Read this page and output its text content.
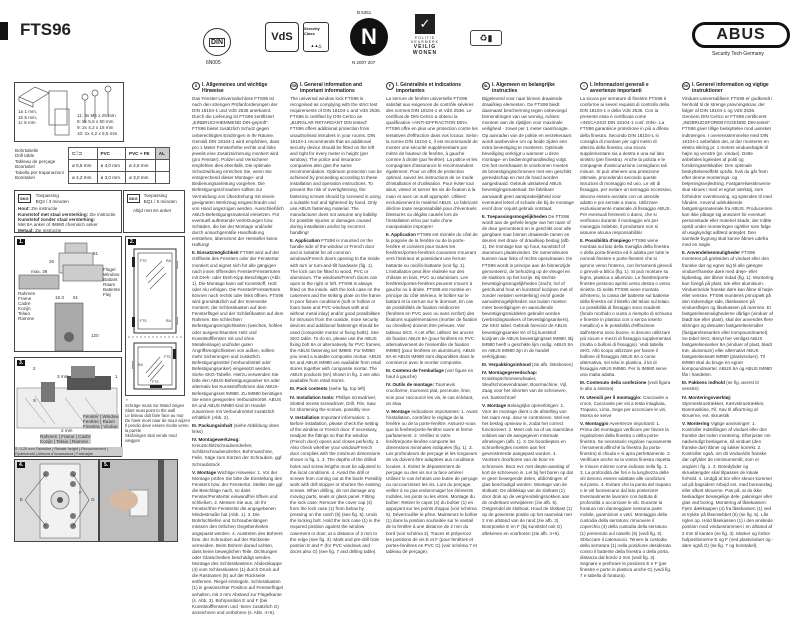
FTS96
DIN
6N005
VdS
Security Class
▲▲△
B 5351
N
N 2007 207
✓
POLITIE KEURMERK
VEILIG WONEN
♻▮	ABUS
Security Tech Germany
1a 1 mm,
1b 5 mm,
1c 8 mm
11: 3x M6 x 25 mm
8: 8x 5,5 x 60 mm
9: 2x 4,2 x 16 mm
10: 2x 4,2 x 9,5 mm
Bohrtabelle
Drill table
Tableau de perçage
Boortabel
Tabella per trapanazioni
Boretabel
⊏⫶⫶⊐	PVC	PVC + FE	AL
ø 5,5 mm	ø 4,0 mm	ø 4,5 mm	
ø 4,2 mm	ø 3,0 mm	ø 3,0 mm	
SKG
Toepassing
BQ2 / 3 minuten
Hout: Zie instructie
Kunststof met staal versterking: Zie instructie
Kunststof zonder staal versterking:
Met 8A anker of IM980 chemisch anker
Metaal: Zie instructie
SKG
Toepassing
BQ1 / 5 minuten
Altijd met 8A anker
1.
26
max. 39
51
18.3 51
120
Rahmen
Frame
Cadre
Kozijn
Telaio
Ramme
Flügel
Window
Battant
Raam
Battente
Fløj
2.
FTS	RA
FTS	RA
FTS
RA
FTS
3.
2
1
3 mm
S
2 mm
Fenster | Window
Fenêtre | Raam
Finestra | Vindue
Rahmen | Frame | Cadre
Kozijn | Telaio | Ramme
S: 0-29 mm Falzhöhe | Rebate height | Recouvrement | Opdekmaat | Altezza d'incassatura | Falshøjde
*
Schräge muss zur Wand zeigen
Slant must point to the wall
Le biseau doit faire face au mur
De hoek moet naar de muur wijzen
Il pendio deve essere rivolto verso la parete
Skråningen skal vende mod væggen
4.
E
F
G
5.
D I. Allgemeines und wichtige Hinweise

Das Fenster-Universalschloss FTS96 ist nach den strengen Prüfanforderungen der DIN 18104-1 und VdS 2536 anerkannt. Durch die Lieferung ist FTS96 zertifiziert „EINBRUCHHEMMEND DIN-geprüft“. FTS96 bietet zusätzlich Schutz gegen unberechtigtes Eindringen in Ihr Räume. Gemäß DIN 18104-1 wird empfohlen, dass pro 1 Meter Fensterhöhe rechts und links jeweils eine Zusatzsicherung montiert wird (pro Fenster). Polizei und Versicherer empfehlen dies ebenfalls. Die optimale Schutzwirkung erreichen Sie, wenn Sie entsprechend dieser Montage- und Bedienungsanleitung vorgehen. Die Befestigungsschrauben sollten zur Vermeidung von Überdrehung mit einem geeigneten Werkzeug eingeschraubt und von Hand angezogen werden. Ausschließlich ABUS-Befestigungsmaterial einsetzen. Für eventuell auftretende Verletzungen bzw. Schäden, die bei der Montage und/oder durch unsachgemäße Handhabung entstehen, übernimmt der Hersteller keine Haftung!

II. Einsatzmöglichkeit FTS96 wird auf der Griffseite des Fensters oder der Fenstertür montiert und eignet sich für alle gängigen nach innen öffnenden Fenster/Fenstertüren mit Dreh- oder Dreh-Kipp-Beschlägen (Abb. 1). Die Montage kann auf Kunststoff, Holz oder Alu erfolgen. Die Fenster/Fenstertüren können nach rechts oder links öffnen. FTS96 wird grundsätzlich auf der Innenseite montiert, der Schlosskasten auf dem Fensterflügel und der Schließkasten auf dem Rahmen. Bei schlechten Befestigungsmöglichkeiten (weiches, hohles oder ausgeschäumtes Holz und Kunststofffenster mit und ohne Metalleinlage) und/oder guten Angriffsmöglichkeiten von außen, sollten mehr Sicherungen und zusätzlich Befestigungsmittel (Verbundmittel oder Befestigungsanker) eingesetzt werden. Siehe SKG-Tabelle. Hierzu verwenden Sie bitte den ABUS-Befestigungsanker 8A oder alternativ bei Kunststoffrahmen das ABUS-Befestigungsset IM980. Zu IM980 benötigen Sie einen geeigneten Verbundmörtel. ABUS 8A und ABUS IM980 sind im Handel zusammen mit Verbundmörtel zusätzlich erhältlich (Abb. 2).

III. Packungsinhalt (siehe Abbildung oben links)

IV. Montagewerkzeug: Kreuzschlitzschraubendreher, Schlitzschraubendreher, Bohrmaschine, Feile, Säge zum Kürzen der Schrauben, ggf. Schraubstock

V. Montage Wichtige Hinweise: 1. Vor der Montage prüfen Sie bitte die Einstellung des Fensters bzw. der Fenstertür. Stellen Sie ggf. die Beschläge nach, so dass Fenster/Fenstertür einwandfrei öffnen und schließen. 2. Messen Sie aus, ob Ihr Fenster/Ihre Fenstertür die angegebenen Mindestmaße hat (Abb. 1). 3. Die Bohrlochtiefen und Schraubenlängen müssen den örtlichen Gegebenheiten angepasst werden. 4. Austreten des Bohrers bzw. der Schrauben auf der Rückseite vermeiden. Beim Bohren darauf achten, dass keine beweglichen Teile, Dichtungen oder Glasscheiben beschädigt werden. Montage des Schlosskastens: Abdeckkappe (4) vom Schlosskasten (1) durch Druck auf die Rastnasen (5) auf der Rückseite entfernen. Riegel entriegeln. Schlosskasten (1) in gewünschter Position auf Fensterflügel anhalten, mit 2 mm Abstand zur Flügelkante (s. Abb. 3). Bohrposition E und F (bei Kunststofffenstern und -türen zusätzlich G) anzeichnen und vorbohren (s. Abb. 4+5).

GB I. General information and important informations

The universal window lock FTS96 is recognised as complying with the strict test requirements of DIN 18104-1 and VdS 2536. FTS96 is certified by DIN Certco as „BURGLAR RETARDANT DIN tested“. FTS96 offers additional protection from unauthorised intruders in your rooms. DIN 18104-1 recommends that an additional security device should be fitted on the left and right for every meter in height (per window). The police and insurance companies also give the same recommendation. Optimum protection can be achieved by proceeding according to these installation and operation instructions. To prevent the risk of overtightening, the fastening screws should by screwed in using a suitable tool and tightened by hand. Only use ABUS fastening material. The manufacturer does not assume any liability for possible injuries or damages caused during installation and/or by incorrect handling!

II. Application FTS96 is mounted on the handle side of the window or French door and is suitable for all common windows/French doors opening to the inside with turn or turn-and-tilt hardware (fig. 1). The lock can be fitted to wood, PVC or aluminium. The windows/French doors can open to the right or left. FTS96 is always fitted on the inside, with the lock case on the casement and the striking plate on the frame. In poor fixture conditions (soft or hollow or foam base and PVC windows with and without metal inlay) and/or good possibilities for intrusion from the outside, more security devices and additional fastenings should be used (composite mortar or fixing bolts). See SKG table. To do so, please use the ABUS fixing bolt 8A or alternatively for PVC frames, the ABUS fastening set IM980. For IM980 you need a suitable composite mortar. ABUS 8A and ABUS IM980 are available from retail stores together with composite mortar. The ABUS products (8A) shown in fig. 2 are also available from retail stores.

III. Pack contents (siehe fig. top left)

IV. Installation tools: Phillips screwdriver, Slotted recess screwdriver, Drill, File, Saw for shortening the screws, possibly vice

V. Installation Important information: 1. Before installation, please check the setting of the window or French door. If necessary, readjust the fittings so that the window (French door) opens and closes perfectly. 2. Also check whether your window/French door complies with the minimum dimensions shown in fig. 1. 3. The depths of the drilled holes and screw lengths must be adjusted to the local conditions. 4. Avoid the drill or screws from coming out at the back! Possibly work with drill stopper or shorten the existing screws. When drilling, do not damage any moving parts, seals or glass panel. Fitting the lock case: Remove the cover cap (4) from the lock case (1) from below by pressing on the catch (5) (see fig. 5). Undo the locking bolt. Hold the lock case (1) in the required position against the window casement or door, at a distance of 2 mm to the edge (see fig. 3). Mark and pre-drill hole position E and F (for PVC windows and doors also G) (see fig. 7 and drilling table).

F I. Généralités et indications importantes

La serrure de fenêtre universelle FTS96 satisfait aux exigences de contrôle sévères des normes DIN 18104-1 et VdS 2536. Le certificat de DIN Certco a obtenu la qualification «ANTI-EFFRACTION DIN». FTS96 offre en plus une protection contre les tentatives d'effraction dans vos locaux. Selon la norme DIN 18104-1, il est recommandé de monter une sécurité supplémentaire par mètre de hauteur de fenêtre, à gauche comme à droite (par fenêtre). La police et les compagnies d'assurance le recommandent également. Pour un effet de protection optimal, suivez les instructions de ce mode d'installation et d'utilisation. Pour éviter tout abus, vissez et serrez les vis de fixation à la main et avec un outil approprié. Utilisez exclusivement le matériel ABUS. Le fabricant décline toute responsabilité pour d'éventuels blessures ou dégâts causés lors de l'installation et/ou par suite d'une manipulation impropre!

II. Application FTS96 est montée du côté de la poignée de la fenêtre ou de la porte-fenêtre et convient pour toutes les fenêtres/portes-fenêtres courantes s'ouvrant vers l'intérieur et possédant une ferrure battante ou oscillo-battante (voir fig. 1). L'installation peut être réalisée sur des châssis en bois, PVC ou aluminium. Les fenêtres/portes-fenêtres peuvent s'ouvrir à gauche ou à droite. FTS96 est montée en principe du côté intérieur, le boîtier sur le battant et la serrure sur le dormant. En cas de possibilités de fixation médiocres (fenêtres en PVC avec ou sans renfort) des fixations supplémentaires (mortier de fixation ou chevilles) doivent être prévues. Voir tableau SKG. A cet effet, utilisez les ancres de fixation ABUS 8A (pour fenêtres en PVC alternativement de l'ensemble de fixation IM980) (pour fenêtres en aluminium). ABUS 8A et ABUS IM980 sont disponibles dans le commerce avec le mortier composite.

III. Contenu de l'emballage (voir figure en haut à gauche)

IV. Outils de montage: Tournevis cruciforme, tournevis plat, perceuse, lime, scie pour raccourcir les vis, le cas échéant, un étau

V. Montage Indications importantes: 1. Avant l'installation, contrôlez le réglage de la fenêtre ou de la porte-fenêtre. Assurez-vous que la fenêtre/porte-fenêtre ouvre et ferme parfaitement. 2. Vérifiez si votre fenêtre/porte-fenêtre comporte les dimensions minimales indiquées (fig. 1). 3. Les profondeurs de perçage et les longueurs de vis doivent être adaptées aux conditions locales. 4. Évitez le dépassement de perçage ou des vis sur la face arrière! Utilisez le cas échéant une butée de perçage ou raccourcissez les vis. Lors du perçage, veillez à ne pas endommager les éléments mobiles, les joints ou les vitres. Montage du boîtier: Retirer le capot (4) du boîtier (1) en appuyant sur les points d'appui (voir schéma 5). Déverrouiller le pêne. Maintenez le boîtier (1) dans la position souhaitée sur le vantail de la fenêtre à une distance de 2 mm du bord (voir schéma 3). Tracez et prépercez les positions de vis E et F (pour fenêtres et portes-fenêtres en PVC G) (voir schéma 7 et tableau de perçage).

NL I. Algemeen en belangrijke instructies

Bijgeleverd voor naar binnen draaiende draai/kiep elementen. De FTS96 biedt daarnaast bescherming tegen onbevoegd binnendringen van uw woning. Advies: monteer aan de zijstijlen voor maximale veiligheid - zowel per 1 meter raamhoogte. Op aanraden van de politie en verzekeraars wordt aanbevolen om op beide zijden een extra bevestiging te monteren. Optimale beveiliging verkrijgt u wanneer u deze montage- en bedieningshandleiding volgt. Om het overdraaien te voorkomen moeten de bevestigingsschroeven met een geschikt gereedschap en met de hand worden aangedraaid. Gebruik uitsluitend ABUS bevestigingsmateriaal. De fabrikant aanvaardt geen aansprakelijkheid voor eventueel letsel of schade die bij de montage en/of door onjuist gebruik ontstaat.

II. Toepassingsmogelijkheden De FTS96 wordt aan de gehele lengte van het raam of de deur gemonteerd en is geschikt voor alle gangbare naar binnen draaiende ramen en deuren met draai- of draai/kiep beslag (afb. 1). De montage kan op hout, kunststof of aluminium plaatsvinden. De ramen/deuren kunnen naar links of rechts opendraaien. De FTS96 wordt in principe aan de binnenzijde gemonteerd, de behuizing op de vleugel en de sluitkom op het kozijn. Bij slechte bevestigingsmogelijkheden (zacht, hol of geschuimd hout en kunststof kozijnen met of zonder metalen versterking) en/of goede aanvalsmogelijkheden van buiten moeten meer beveiligingen en aanvullende bevestigingsmiddelen gebruikt worden (verbindingsankers of bevestigingsankers). Zie SKG tabel. Gebruik hiervoor de ABUS bevestigingsanker 8A of bij kunststof kozijnen de ABUS bevestigingsset IM980. Bij IM980 heeft u geschikte lijm nodig. ABUS 8A en ABUS IM980 zijn in de handel verkrijgbaar.

III. Verpakkingsinhoud (zie afb. linksboven)

IV. Montagegereedschap: Kruiskopschroevendraaier, Sleufschroevendraaier, Boormachine, Vijl, Zaag voor het inkorten van de schroeven, evt. bankschroef

V. Montage Belangrijke opmerkingen: 1. Voor de montage dient u de afstelling van het raam resp. deur te controleren. Stel evt. het beslag opnieuw in, zodat het correct functioneert. 2. Meet ook na of uw raam/deur voldoet aan de aangegeven minimale afmetingen (afb. 1). 3. De boordieptes en schroeflengtes moeten aan het gevenstreerde aangepast worden. 4. Voorkom doorboren van de boor en schroeven. Boor evt. met diepte-aanslag of kort de schroeven in. Let bij het boren op dat er geen bewegende delen, afdichtingen of glas beschadigd worden. Montage van de slotkast: De afdekkap van de slotkast (1) door druk op de vergrendelingsnokken aan de onderkant verwijderen (zie afb. 5). Ontgrendel de slotbout. Houd de slotkast (1) op de gewenste positie op het raamvlak met 2 mm afstand van de rand (zie afb. 3). Boorpositie E en F (bij kunststof ook G) aftekenen en voorboren (zie afb. 4+5).

I	I. Informazioni generali e avvertenze importanti

La sicura per serrature di finestre FTS96 è conforme ai severi requisiti di controllo della DIN 18104-1 e della VdS 2536. Con la presente essa è certificata come «INSCASSO DIN 18104-1 conf. DIN». La FTS96 garantisce protezione in più a difesa della finestra. Secondo DIN 18104-1 si consiglia di montare per ogni metro di altezza della finestra, una sicura supplementare sia a destra e una sul lato sinistro (per finestra). Anche la polizia e le compagnie d'assicurazione consigliano tali misure. Si può ottenere una protezione ottimale, procedendo secondo queste istruzioni di montaggio ed uso. Le viti di fissaggio, per evitare un serraggio eccessivo, devono essere avvitate con un utensile adatto e poi serrate a mano. Utilizzare esclusivamente materiale di fissaggio ABUS. Per eventuali ferimenti o danni, che si verificano durante il montaggio e/o per maneggio indebito, il produttore non si assume alcuna responsabilità!

II. Possibilità d'impiego FTS96 viene montata sul lato della maniglia della finestra o della porta-finestra ed è adatta per tutte le normali finestre e porte-finestre che si aprono verso l'interno, con ferramenti girevoli o girevoli-a bilico (fig. 1). Si può montare su legno, plastica o alluminio. Le finestre/porte-finestre possono aprirsi verso destra o verso sinistra. Di solito FTS96 viene montata all'interno, la cassa del battente sul battente della finestra ed il listello del telaio sul telaio. Le possibilità di fissaggio sono scadenti (fondo morbido o vuoto o riempito di schiuma e finestre in plastica con o senza inserto metallico) e le possibilità d'effrazione dall'esterno sono buone, si devono utilizzare più sicure e mezzi di fissaggio supplementari (malta o bulloni di fissaggio). Vedi tabella SKG. Allo scopo utilizzare per favore il bullone di fissaggio ABUS 8A o come alternativa, nei telai in plastica, il kit di fissaggio ABUS IM980. Per lo IM980 serve una malta adatta.

III. Contenuto della confezione (vedi figura in alto a sinistra)

IV. Utensili per il montaggio: Cacciavite a croce, Cacciavite per viti a testa intagliata, Trapano, Lima, Sega per accorciare le viti, Morsa se serve

V. Montaggio Avvertenze importanti: 1. Prima del montaggio verificare per favore la regolazione della finestra o della porta-finestra. Se necessario regolare nuovamente i ferramenti affinché la finestra (la porta-finestra) si chiuda e si apra perfettamente. 2. Verificare anche se la vostra finestra rispetta le misure minime come indicato nella fig. 1. 3. La profondità dei fori e la lunghezza delle viti devono essere adattate alle condizioni sul posto. 4. Evitare che la punta del trapano o le viti fuoriescano dal lato posteriore! Eventualmente lavorare con battuta di profondità o accorciare le viti. Durante la foratura non danneggiare nessuna parte mobile, guarnizioni o vetri. Montaggio della custodia della serratura: rimuovere il coperchio (4) della custodia della serratura (1) premendo sul nasello (5) (vedi fig. 5). Sbloccare il catenaccio. Tenere la custodia della serratura (1) nella posizione desiderata contro il battente della finestra o della porta, distanza dal bordo 2 mm (vedi fig. 3). Segnare e preforare le posizioni E e F (per finestre e porte in plastica anche G) (vedi fig. 7 e tabella di foratura).

DK I. Generel information og vigtige instruktioner

Vindues-universallåsen FTS96 er godkendt i henhold til de strenge prøvningskrav, der følger af DIN 18104-1 og VdS 2536. Gennem DIN Certco er FTS96 certificeret „INDBRUDSFOREBYGGENDE DIN-testet“. FTS96 giver tillige beskyttelse mod uønsket indtrængen. I overensstemmelse med DIN 18104-1 anbefales det, at der monteres en ekstra sikring pr. 1 meters vindueshøjde til højre og venstre (pr. vindue). Dette anbefales ligeledes af politi og forsikringsselskaber. Den optimale beskyttelseseffekt opnås, hvis du går frem efter denne monterings- og betjeningsvejledning. Fastgørelsesskruerne skal skrues i med et egnet værktøj, som forhindrer overskruning, og spændes til med hånden. Anvend udelukkende fastgøringsmateriale fra ABUS. Producenten kan ikke påtage sig ansvaret for eventuel personskade eller materiel skade, der måtte opstå under monteringen og/eller som følge af usagkyndigt adfærd antejdet. Den samlede bygning skal kunne åbnes udefra med en nøgle.

II. Anvendelsesmuligheder FTS96 monteres på grebsiden af vinduet eller den franske dør og egner sig til alle gængse vinduer/franske døre med dreje- eller kipbeslag, der åbner indad (fig. 1). Montering kan foregå på plast, træ eller aluminium. Vinduerne/de franske døre kan åbne til højre eller venstre. FTS96 monteres principielt på den indvendige side, låsekassen på vinduesfløjen og låsekassen på rammen. Er fastgørelsesmulighederne dårlige (vinduer af blødt træ eller plast), skal der anvendes flere sikringer og desuden fastgørelsesmidler (fastgørelsesankre eller kompoundmørtel). Se tabel SKG. Benyt her venligst ABUS fastgørelsesanker 8A (vinduer af plast, blødt træ, aluminium) eller alternativt ABUS fastgørelsessæt IM980 (plastvinduer). Til IM980 skal du bruge en egnet kompoundmørtel. ABUS 8A og ABUS IM980 fås i handelen.

III. Pakkens indhold (se fig. øverst til venstre)

IV. Monteringsværktøj: Stjerneskruetrækker, Kærvskruetrækker, Boremaskine, Fil, Sav til afkortning af skruerne, evt. skruestik

V. Montering Vigtige anvisninger: 1. Kontroller indstillingen af vinduet eller den franske dør inden montering. Efterjuster om nødvendigt beslagene, så vinduet (den franske dør) åbner og lukker korrekt. 2. Kontroller også, om dit vindue/din franske dør opfylder de minimumsmål, som er angivet i fig. 1. 3. Boredybder og skruelængder skal tilpasses de lokale forhold. 4. Undgå at bor eller skruer kommer ud på bagsiden! Arbejd evt. med boreanslag eller afkort skruerne. Pas på, at du ikke beskadiger bevægelige dele, pakninger eller glas ved boring. Montering af låsekassen: Fjern dækkappen (4) fra låsekassen (1) ved at trykke på låsenæbbet (5) (se fig. 5). Lås riglen op. Hold låsekassen (1) i den ønskede position mod vinduesrammen i en afstand af 2 mm til kanten (se fig. 3). Marker og forbor hulpositionerne E og F (ved plastvinduer og -døre også G) (se fig. 7 og boretabel).
